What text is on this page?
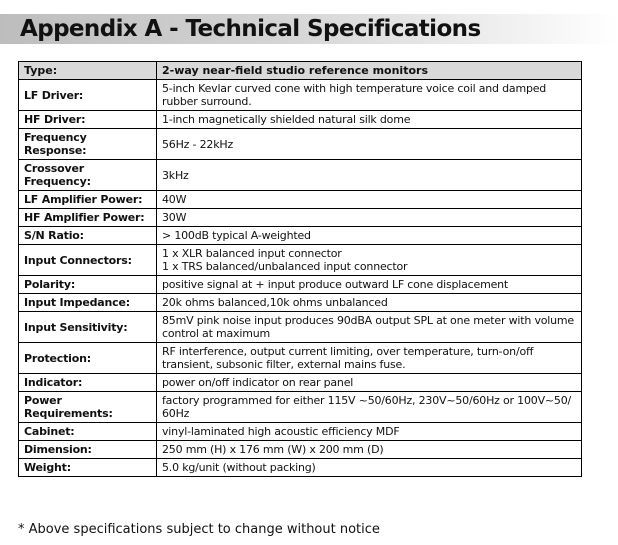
Appendix A - Technical Specifications
Type:	2-way near-field studio reference monitors
LF Driver:	5-inch Kevlar curved cone with high temperature voice coil and damped
rubber surround.

HF Driver:	1-inch magnetically shielded natural silk dome
Frequency Response:	56Hz - 22kHz
Crossover Frequency:	3kHz
LF Amplifier Power:	40W
HF Amplifier Power:	30W
S/N Ratio:	> 100dB typical A-weighted
Input Connectors:	1 x XLR balanced input connector
1 x TRS balanced/unbalanced input connector

Polarity:	positive signal at + input produce outward LF cone displacement
Input Impedance:	20k ohms balanced,10k ohms unbalanced
Input Sensitivity:	85mV pink noise input produces 90dBA output SPL at one meter with volume
control at maximum

Protection:	RF interference, output current limiting, over temperature, turn-on/off
transient, subsonic filter, external mains fuse.

Indicator:	power on/off indicator on rear panel
Power Requirements:	factory programmed for either 115V ~50/60Hz, 230V~50/60Hz or 100V~50/
60Hz

Cabinet:	vinyl-laminated high acoustic efficiency MDF
Dimension:	250 mm (H) x 176 mm (W) x 200 mm (D)
Weight:	5.0 kg/unit (without packing)
* Above specifications subject to change without notice
